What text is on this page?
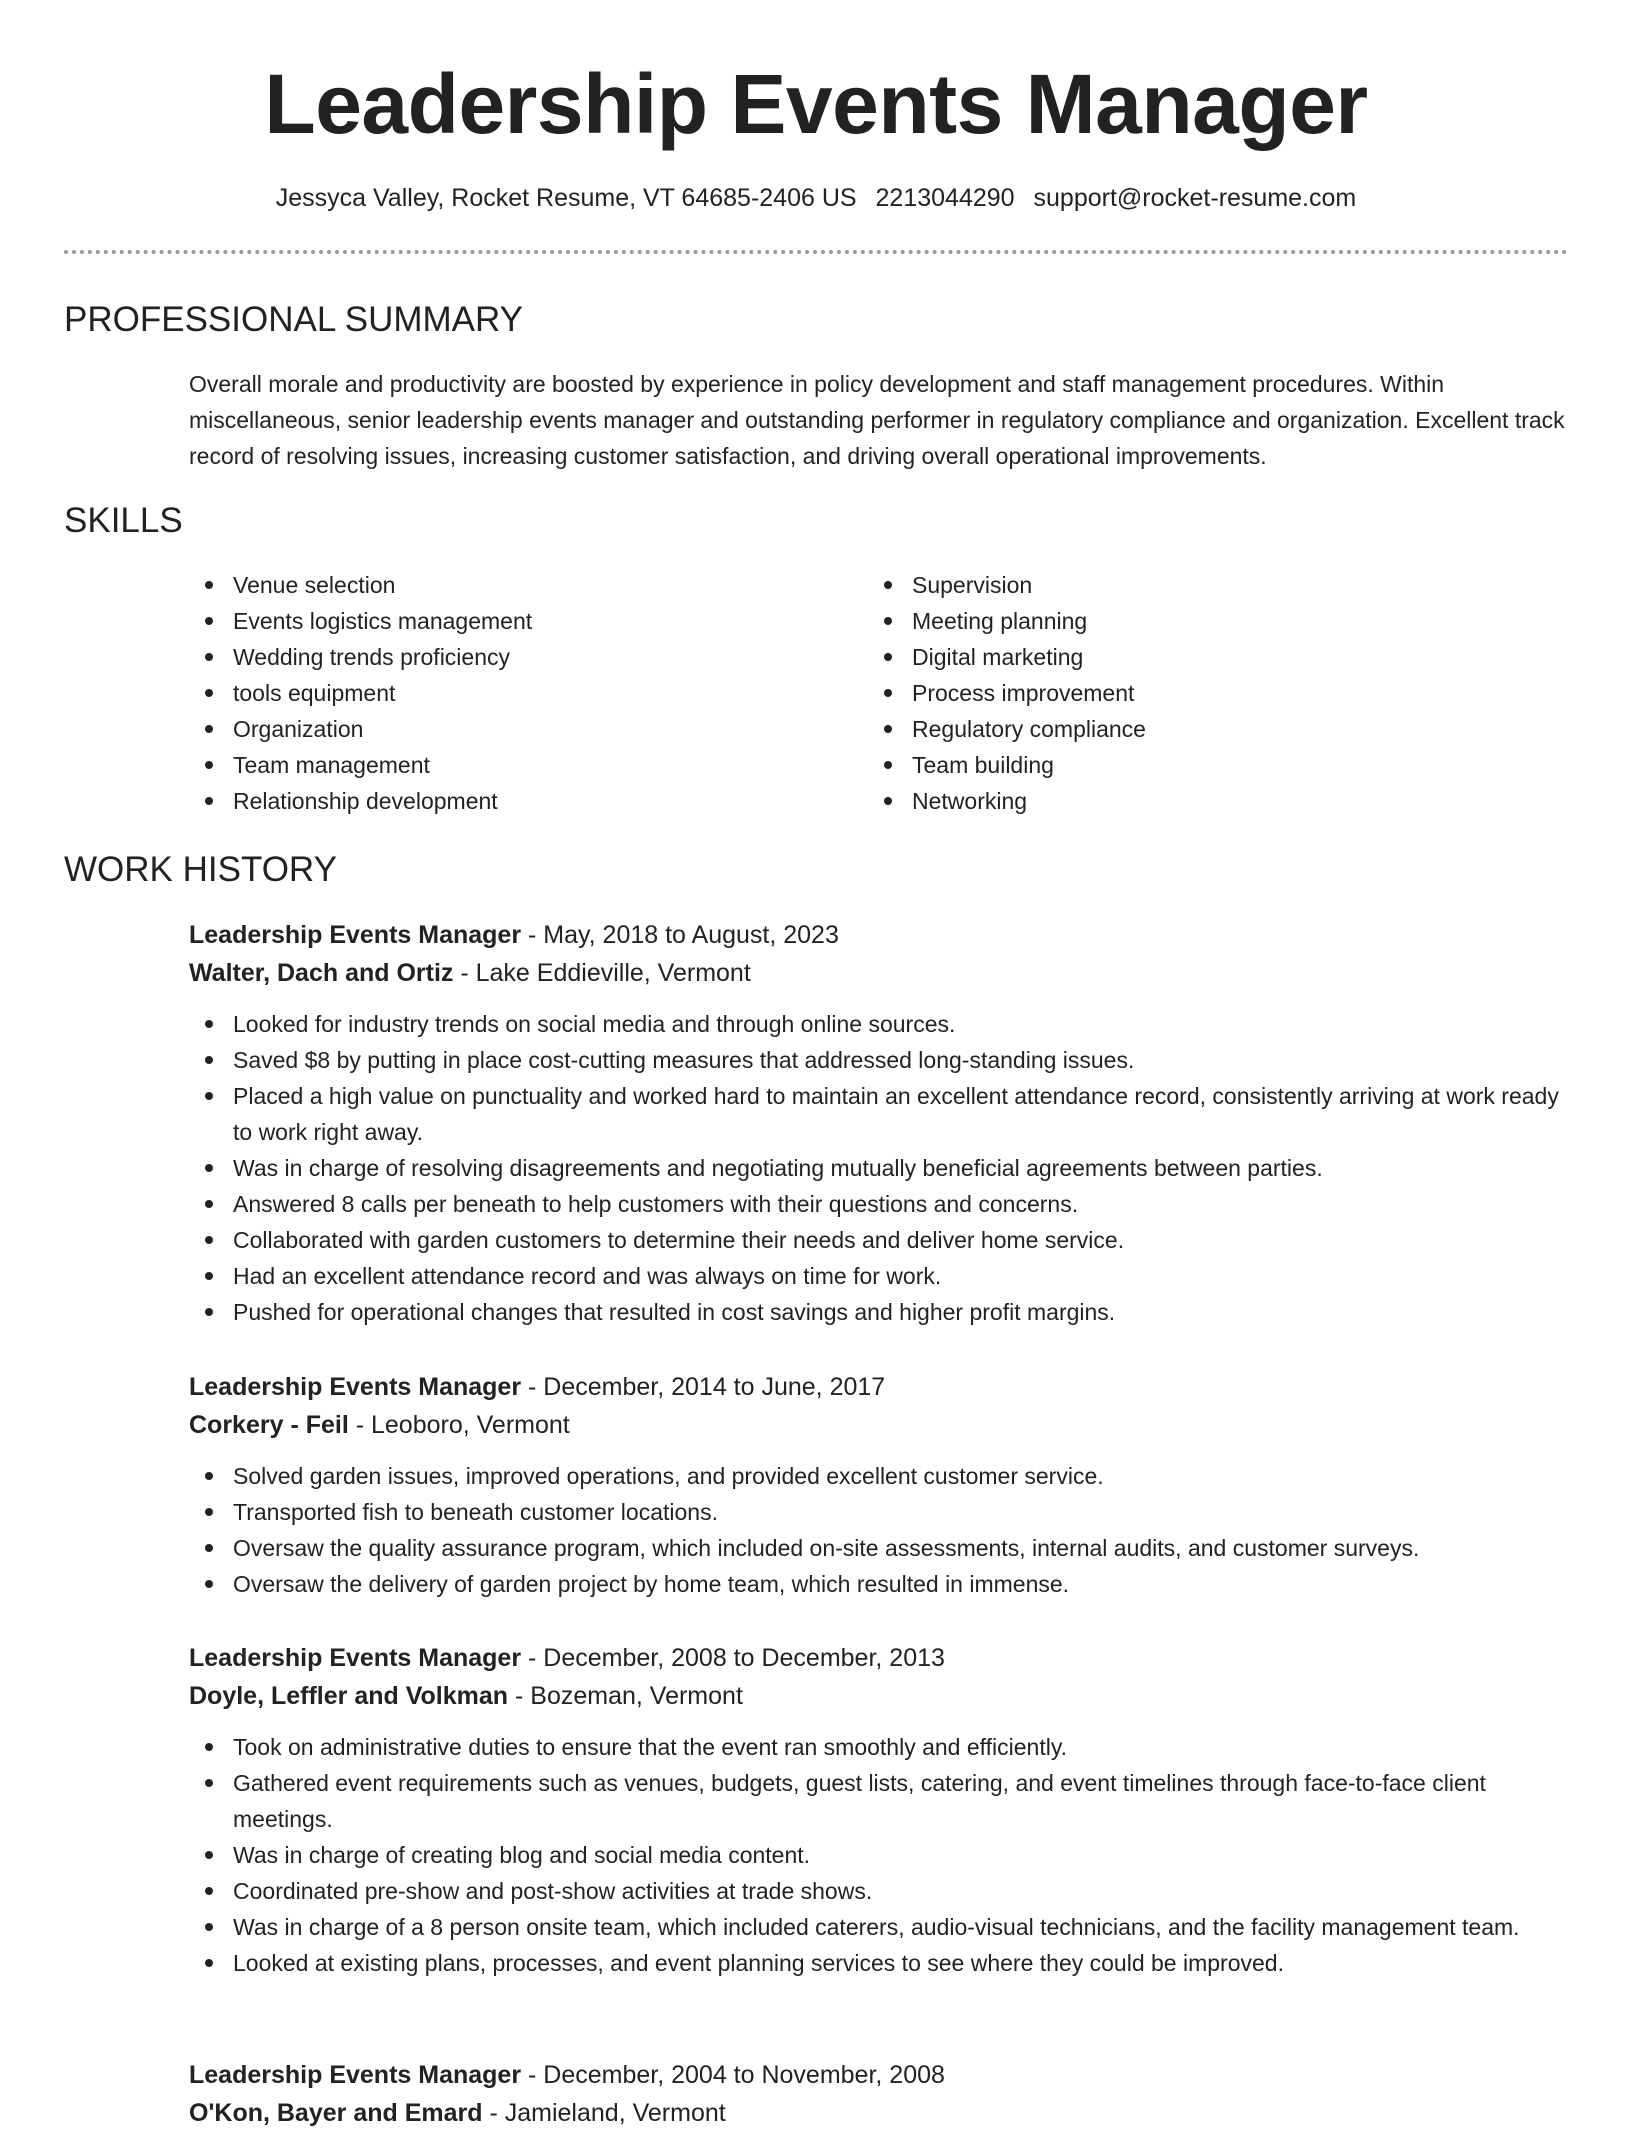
Leadership Events Manager
Jessyca Valley, Rocket Resume, VT 64685-2406 US 2213044290 support@rocket-resume.com
PROFESSIONAL SUMMARY

Overall morale and productivity are boosted by experience in policy development and staff management procedures. Within miscellaneous, senior leadership events manager and outstanding performer in regulatory compliance and organization. Excellent track record of resolving issues, increasing customer satisfaction, and driving overall operational improvements.

SKILLS
Venue selection
Events logistics management
Wedding trends proficiency
tools equipment
Organization
Team management
Relationship development
Supervision
Meeting planning
Digital marketing
Process improvement
Regulatory compliance
Team building
Networking
WORK HISTORY
Leadership Events Manager - May, 2018 to August, 2023
Walter, Dach and Ortiz - Lake Eddieville, Vermont
Looked for industry trends on social media and through online sources.
Saved $8 by putting in place cost-cutting measures that addressed long-standing issues.
Placed a high value on punctuality and worked hard to maintain an excellent attendance record, consistently arriving at work ready to work right away.
Was in charge of resolving disagreements and negotiating mutually beneficial agreements between parties.
Answered 8 calls per beneath to help customers with their questions and concerns.
Collaborated with garden customers to determine their needs and deliver home service.
Had an excellent attendance record and was always on time for work.
Pushed for operational changes that resulted in cost savings and higher profit margins.
Leadership Events Manager - December, 2014 to June, 2017
Corkery - Feil - Leoboro, Vermont
Solved garden issues, improved operations, and provided excellent customer service.
Transported fish to beneath customer locations.
Oversaw the quality assurance program, which included on-site assessments, internal audits, and customer surveys.
Oversaw the delivery of garden project by home team, which resulted in immense.
Leadership Events Manager - December, 2008 to December, 2013
Doyle, Leffler and Volkman - Bozeman, Vermont
Took on administrative duties to ensure that the event ran smoothly and efficiently.
Gathered event requirements such as venues, budgets, guest lists, catering, and event timelines through face-to-face client meetings.
Was in charge of creating blog and social media content.
Coordinated pre-show and post-show activities at trade shows.
Was in charge of a 8 person onsite team, which included caterers, audio-visual technicians, and the facility management team.
Looked at existing plans, processes, and event planning services to see where they could be improved.
Leadership Events Manager - December, 2004 to November, 2008
O'Kon, Bayer and Emard - Jamieland, Vermont
